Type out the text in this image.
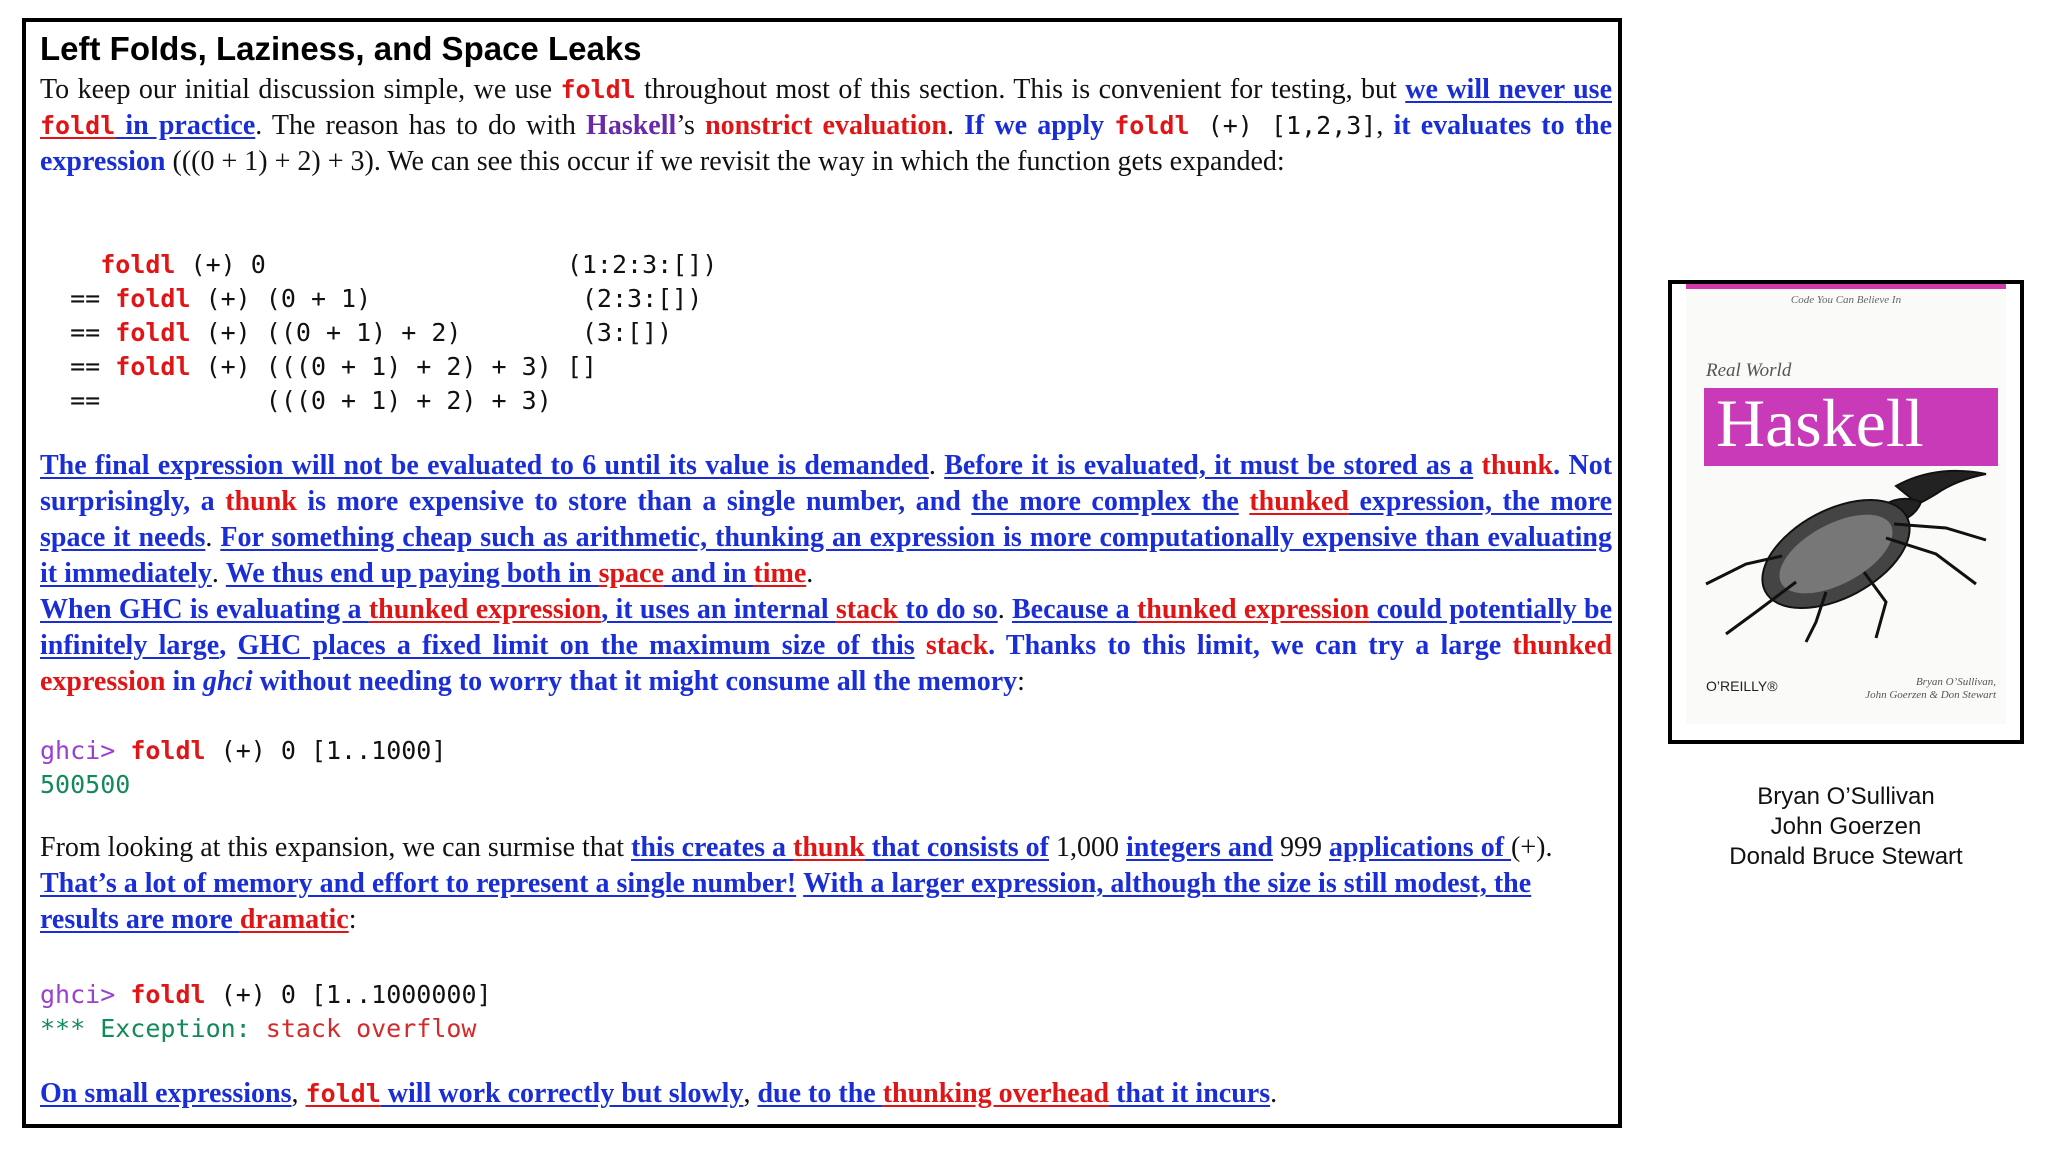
Left Folds, Laziness, and Space Leaks

To keep our initial discussion simple, we use foldl throughout most of this section. This is convenient for testing, but we will never use foldl in practice. The reason has to do with Haskell’s nonstrict evaluation. If we apply foldl (+) [1,2,3], it evaluates to the expression (((0 + 1) + 2) + 3). We can see this occur if we revisit the way in which the function gets expanded:

foldl (+) 0                    (1:2:3:[])
== foldl (+) (0 + 1)              (2:3:[])
== foldl (+) ((0 + 1) + 2)        (3:[])
== foldl (+) (((0 + 1) + 2) + 3) []
==           (((0 + 1) + 2) + 3)

The final expression will not be evaluated to 6 until its value is demanded. Before it is evaluated, it must be stored as a thunk. Not surprisingly, a thunk is more expensive to store than a single number, and the more complex the thunked expression, the more space it needs. For something cheap such as arithmetic, thunking an expression is more computationally expensive than evaluating it immediately. We thus end up paying both in space and in time.
When GHC is evaluating a thunked expression, it uses an internal stack to do so. Because a thunked expression could potentially be infinitely large, GHC places a fixed limit on the maximum size of this stack. Thanks to this limit, we can try a large thunked expression in ghci without needing to worry that it might consume all the memory:

ghci> foldl (+) 0 [1..1000]
500500

From looking at this expansion, we can surmise that this creates a thunk that consists of 1,000 integers and 999 applications of (+). That’s a lot of memory and effort to represent a single number! With a larger expression, although the size is still modest, the results are more dramatic:

ghci> foldl (+) 0 [1..1000000]
*** Exception: stack overflow

On small expressions, foldl will work correctly but slowly, due to the thunking overhead that it incurs.

Code You Can Believe In
Real World
Haskell
O’REILLY®	Bryan O’Sullivan,
John Goerzen & Don Stewart
Bryan O’Sullivan
John Goerzen
Donald Bruce Stewart
